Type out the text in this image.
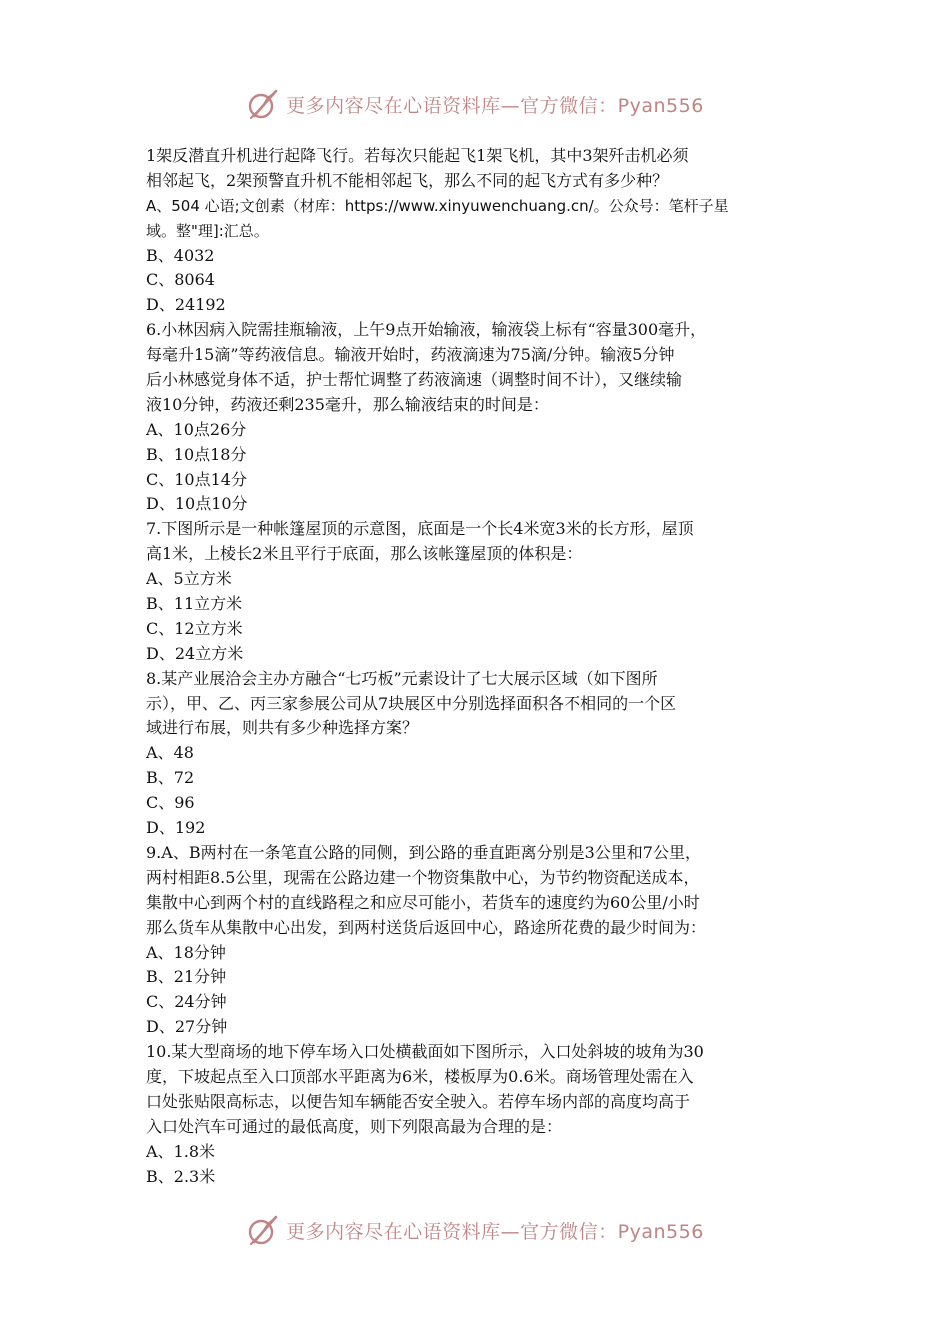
更多内容尽在心语资料库—官方微信：Pyan556
1架反潜直升机进行起降飞行。若每次只能起飞1架飞机，其中3架歼击机必须
相邻起飞，2架预警直升机不能相邻起飞，那么不同的起飞方式有多少种？
A、504 心语;文创素（材库：https://www.xinyuwenchuang.cn/。公众号：笔杆子星
域。整"理]:汇总。
B、4032
C、8064
D、24192
6.小林因病入院需挂瓶输液，上午9点开始输液，输液袋上标有“容量300毫升，
每毫升15滴”等药液信息。输液开始时，药液滴速为75滴/分钟。输液5分钟
后小林感觉身体不适，护士帮忙调整了药液滴速（调整时间不计），又继续输
液10分钟，药液还剩235毫升，那么输液结束的时间是：
A、10点26分
B、10点18分
C、10点14分
D、10点10分
7.下图所示是一种帐篷屋顶的示意图，底面是一个长4米宽3米的长方形，屋顶
高1米，上棱长2米且平行于底面，那么该帐篷屋顶的体积是：
A、5立方米
B、11立方米
C、12立方米
D、24立方米
8.某产业展洽会主办方融合“七巧板”元素设计了七大展示区域（如下图所
示），甲、乙、丙三家参展公司从7块展区中分别选择面积各不相同的一个区
域进行布展，则共有多少种选择方案？
A、48
B、72
C、96
D、192
9.A、B两村在一条笔直公路的同侧，到公路的垂直距离分别是3公里和7公里，
两村相距8.5公里，现需在公路边建一个物资集散中心，为节约物资配送成本，
集散中心到两个村的直线路程之和应尽可能小，若货车的速度约为60公里/小时
那么货车从集散中心出发，到两村送货后返回中心，路途所花费的最少时间为：
A、18分钟
B、21分钟
C、24分钟
D、27分钟
10.某大型商场的地下停车场入口处横截面如下图所示，入口处斜坡的坡角为30
度，下坡起点至入口顶部水平距离为6米，楼板厚为0.6米。商场管理处需在入
口处张贴限高标志，以便告知车辆能否安全驶入。若停车场内部的高度均高于
入口处汽车可通过的最低高度，则下列限高最为合理的是：
A、1.8米
B、2.3米
更多内容尽在心语资料库—官方微信：Pyan556
